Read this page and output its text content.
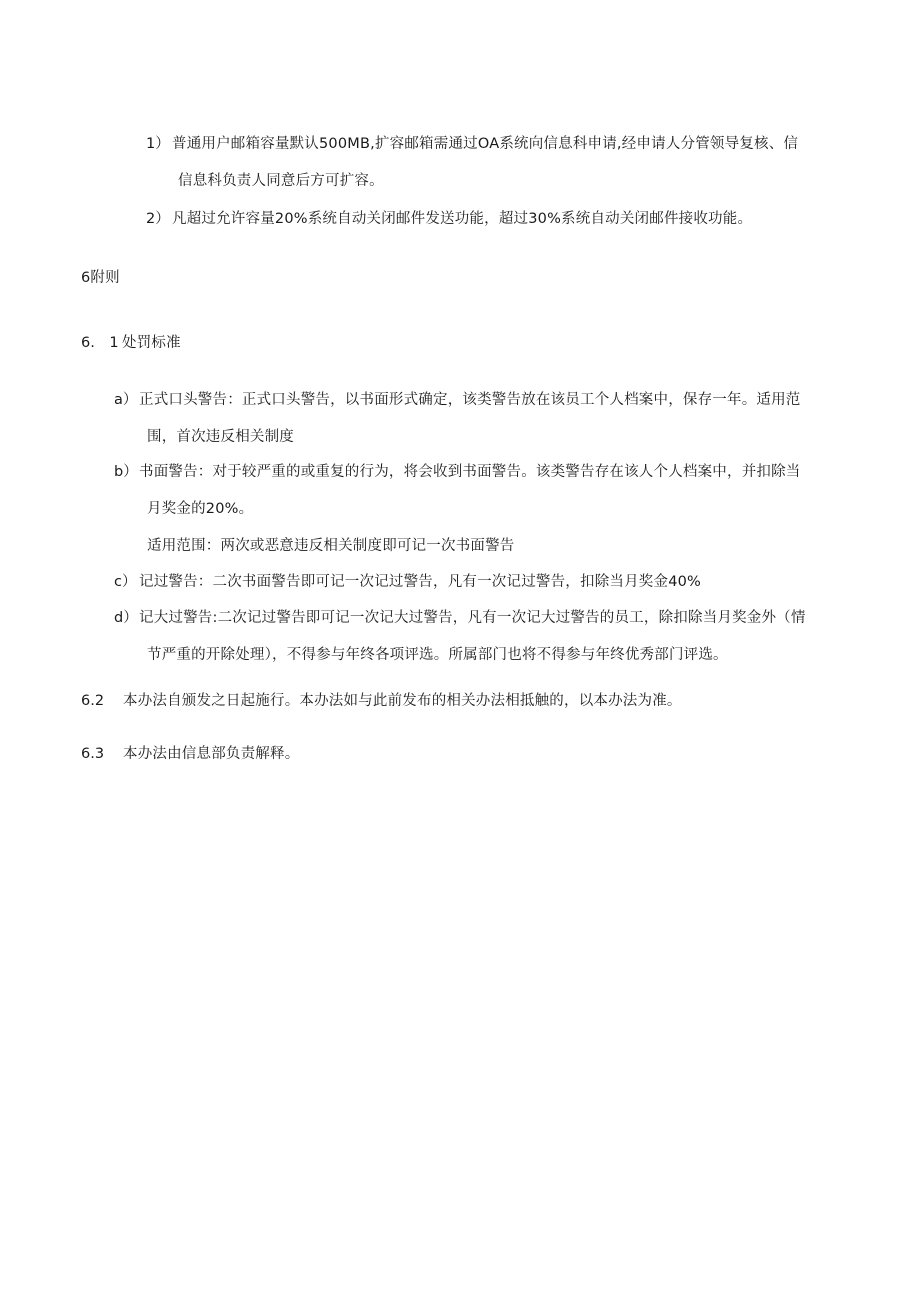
1） 普通用户邮箱容量默认500MB,扩容邮箱需通过OA系统向信息科申请,经申请人分管领导复核、信
信息科负责人同意后方可扩容。
2） 凡超过允许容量20%系统自动关闭邮件发送功能，超过30%系统自动关闭邮件接收功能。
6附则
6.　1 处罚标准
a） 正式口头警告：正式口头警告，以书面形式确定，该类警告放在该员工个人档案中，保存一年。适用范
围，首次违反相关制度
b） 书面警告：对于较严重的或重复的行为，将会收到书面警告。该类警告存在该人个人档案中，并扣除当
月奖金的20%。
适用范围：两次或恶意违反相关制度即可记一次书面警告
c） 记过警告：二次书面警告即可记一次记过警告，凡有一次记过警告，扣除当月奖金40%
d） 记大过警告:二次记过警告即可记一次记大过警告，凡有一次记大过警告的员工，除扣除当月奖金外（情
节严重的开除处理），不得参与年终各项评选。所属部门也将不得参与年终优秀部门评选。
6.2 本办法自颁发之日起施行。本办法如与此前发布的相关办法相抵触的，以本办法为准。
6.3 本办法由信息部负责解释。
